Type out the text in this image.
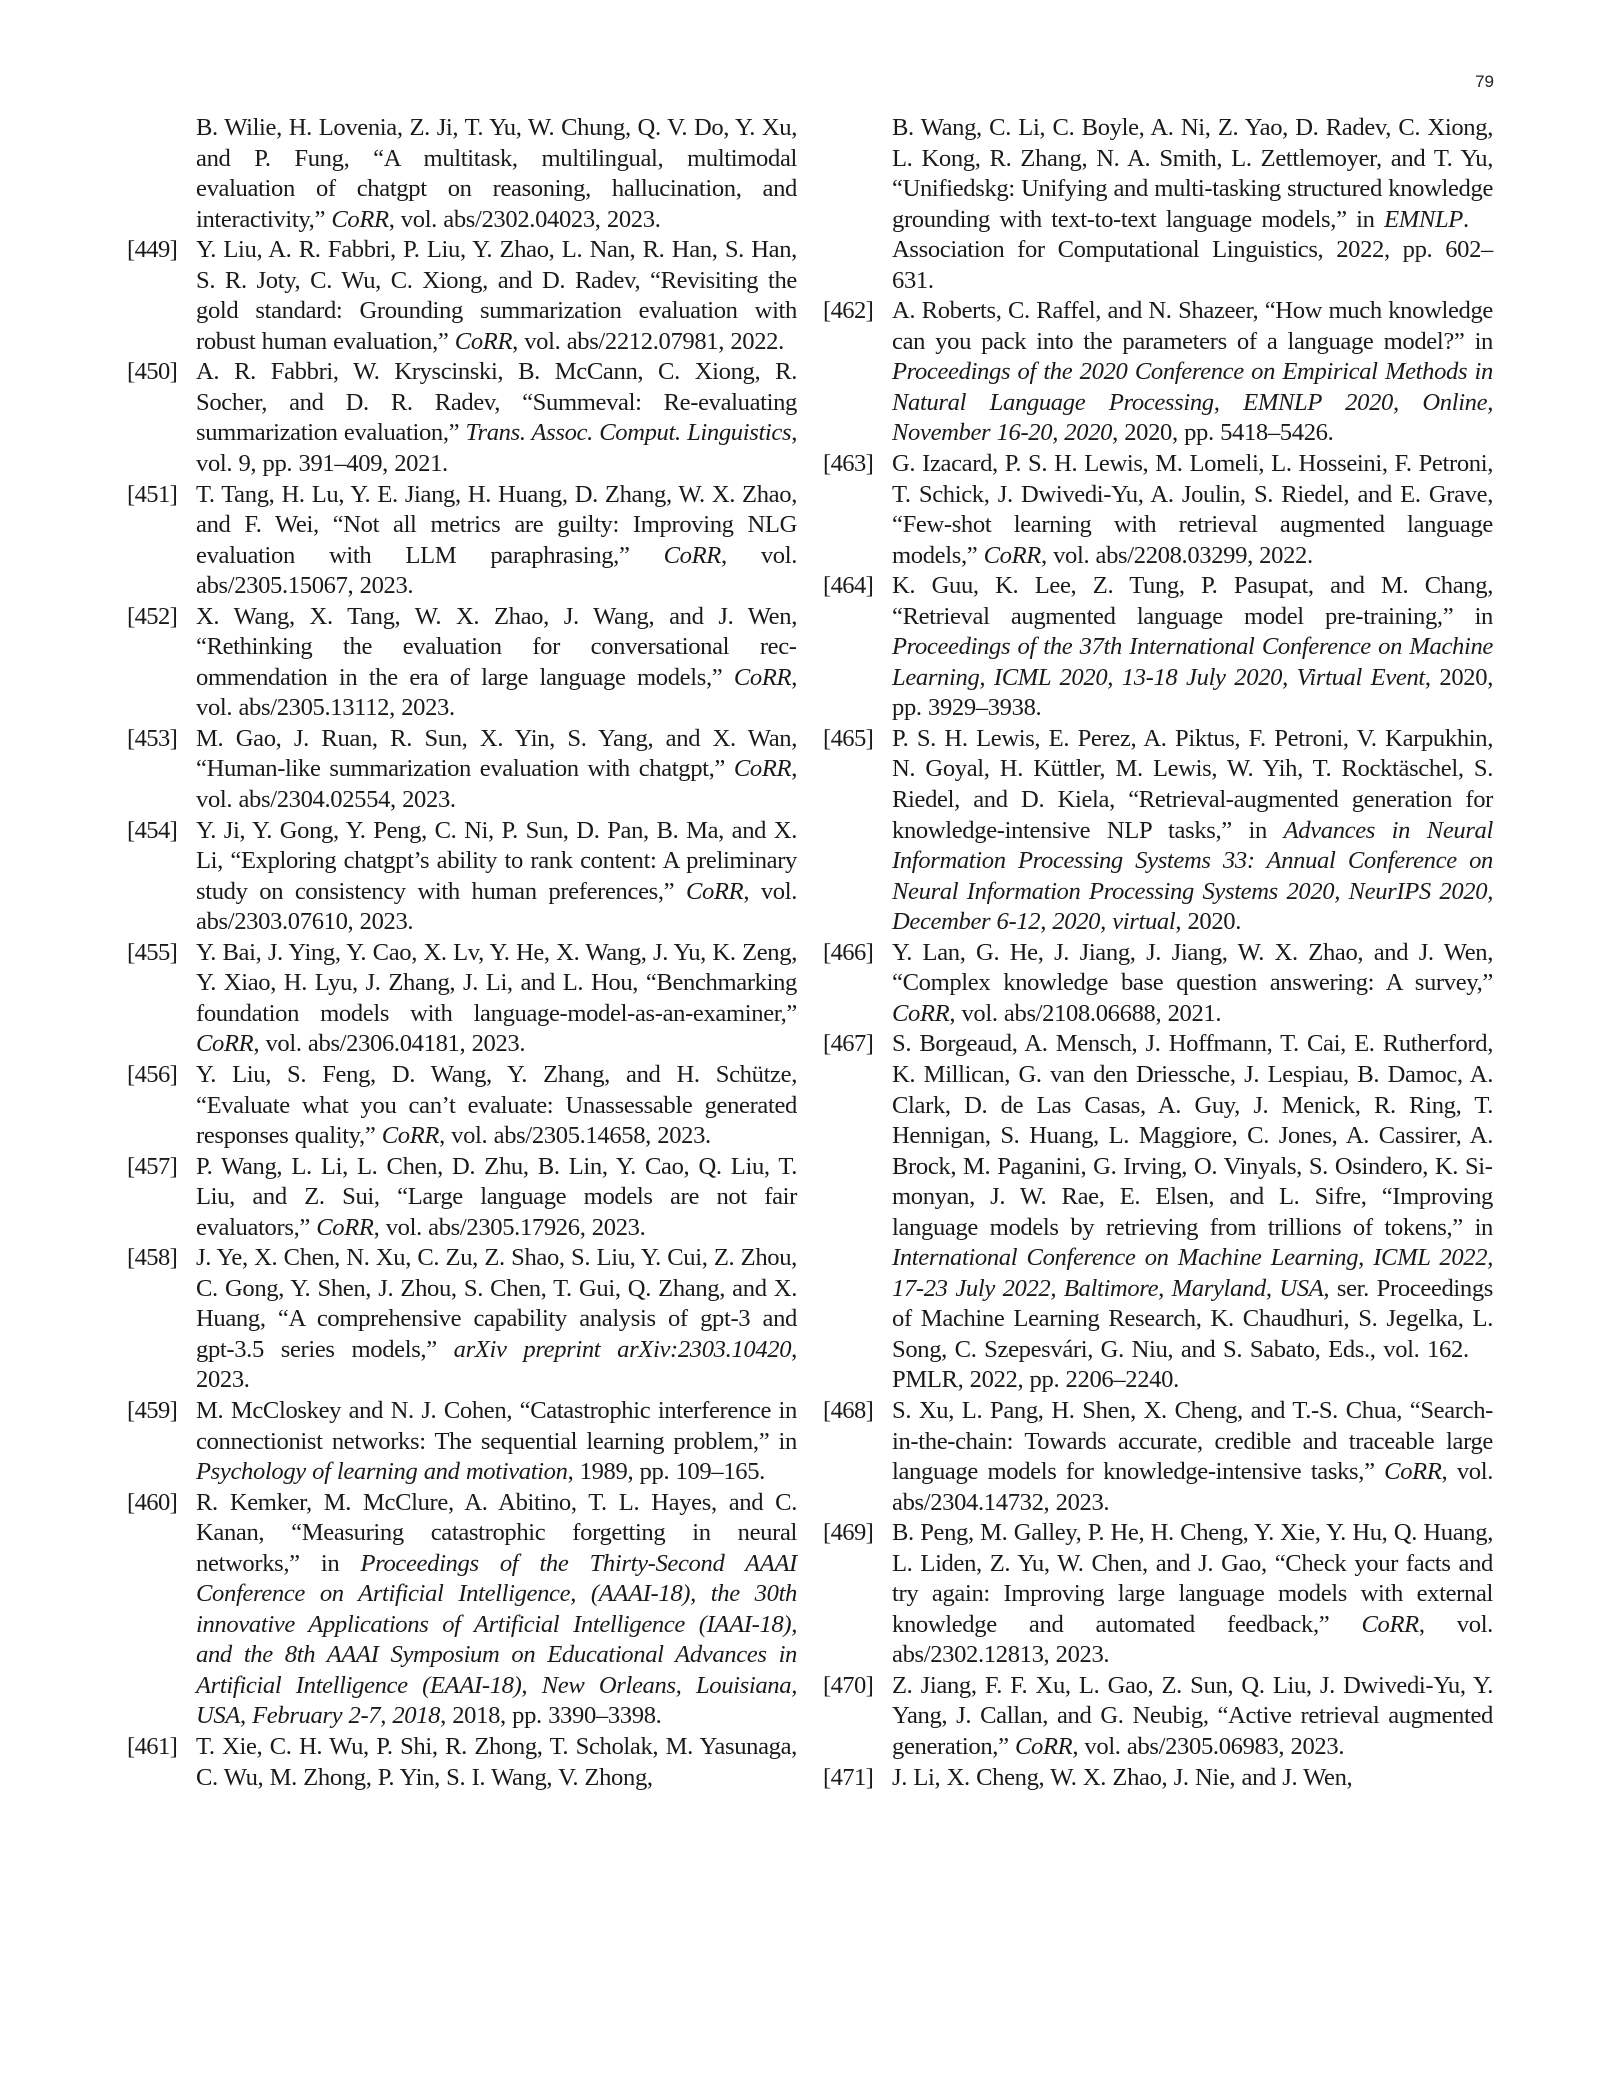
79
B. Wilie, H. Lovenia, Z. Ji, T. Yu, W. Chung, Q. V. Do, Y. Xu, and P. Fung, “A multitask, multilingual, multimodal evaluation of chatgpt on reasoning, hallucination, and interactivity,” CoRR, vol. abs/2302.04023, 2023.
[449] Y. Liu, A. R. Fabbri, P. Liu, Y. Zhao, L. Nan, R. Han, S. Han, S. R. Joty, C. Wu, C. Xiong, and D. Radev, “Revisiting the gold standard: Grounding summarization evaluation with robust human evaluation,” CoRR, vol. abs/2212.07981, 2022.
[450] A. R. Fabbri, W. Kryscinski, B. McCann, C. Xiong, R. Socher, and D. R. Radev, “Summeval: Re-evaluating summarization evaluation,” Trans. Assoc. Comput. Linguistics, vol. 9, pp. 391–409, 2021.
[451] T. Tang, H. Lu, Y. E. Jiang, H. Huang, D. Zhang, W. X. Zhao, and F. Wei, “Not all metrics are guilty: Improving NLG evaluation with LLM paraphrasing,” CoRR, vol. abs/2305.15067, 2023.
[452] X. Wang, X. Tang, W. X. Zhao, J. Wang, and J. Wen, “Rethinking the evaluation for conversational recommendation in the era of large language models,” CoRR, vol. abs/2305.13112, 2023.
[453] M. Gao, J. Ruan, R. Sun, X. Yin, S. Yang, and X. Wan, “Human-like summarization evaluation with chatgpt,” CoRR, vol. abs/2304.02554, 2023.
[454] Y. Ji, Y. Gong, Y. Peng, C. Ni, P. Sun, D. Pan, B. Ma, and X. Li, “Exploring chatgpt’s ability to rank content: A preliminary study on consistency with human preferences,” CoRR, vol. abs/2303.07610, 2023.
[455] Y. Bai, J. Ying, Y. Cao, X. Lv, Y. He, X. Wang, J. Yu, K. Zeng, Y. Xiao, H. Lyu, J. Zhang, J. Li, and L. Hou, “Benchmarking foundation models with language-model-as-an-examiner,” CoRR, vol. abs/2306.04181, 2023.
[456] Y. Liu, S. Feng, D. Wang, Y. Zhang, and H. Schütze, “Evaluate what you can’t evaluate: Unassessable generated responses quality,” CoRR, vol. abs/2305.14658, 2023.
[457] P. Wang, L. Li, L. Chen, D. Zhu, B. Lin, Y. Cao, Q. Liu, T. Liu, and Z. Sui, “Large language models are not fair evaluators,” CoRR, vol. abs/2305.17926, 2023.
[458] J. Ye, X. Chen, N. Xu, C. Zu, Z. Shao, S. Liu, Y. Cui, Z. Zhou, C. Gong, Y. Shen, J. Zhou, S. Chen, T. Gui, Q. Zhang, and X. Huang, “A comprehensive capability analysis of gpt-3 and gpt-3.5 series models,” arXiv preprint arXiv:2303.10420, 2023.
[459] M. McCloskey and N. J. Cohen, “Catastrophic interference in connectionist networks: The sequential learning problem,” in Psychology of learning and motivation, 1989, pp. 109–165.
[460] R. Kemker, M. McClure, A. Abitino, T. L. Hayes, and C. Kanan, “Measuring catastrophic forgetting in neural networks,” in Proceedings of the Thirty-Second AAAI Conference on Artificial Intelligence, (AAAI-18), the 30th innovative Applications of Artificial Intelligence (IAAI-18), and the 8th AAAI Symposium on Educational Advances in Artificial Intelligence (EAAI-18), New Orleans, Louisiana, USA, February 2-7, 2018, 2018, pp. 3390–3398.
[461] T. Xie, C. H. Wu, P. Shi, R. Zhong, T. Scholak, M. Yasunaga, C. Wu, M. Zhong, P. Yin, S. I. Wang, V. Zhong,
B. Wang, C. Li, C. Boyle, A. Ni, Z. Yao, D. Radev, C. Xiong, L. Kong, R. Zhang, N. A. Smith, L. Zettlemoyer, and T. Yu, “Unifiedskg: Unifying and multi-tasking structured knowledge grounding with text-to-text language models,” in EMNLP. Association for Computational Linguistics, 2022, pp. 602–631.
[462] A. Roberts, C. Raffel, and N. Shazeer, “How much knowledge can you pack into the parameters of a language model?” in Proceedings of the 2020 Conference on Empirical Methods in Natural Language Processing, EMNLP 2020, Online, November 16-20, 2020, 2020, pp. 5418–5426.
[463] G. Izacard, P. S. H. Lewis, M. Lomeli, L. Hosseini, F. Petroni, T. Schick, J. Dwivedi-Yu, A. Joulin, S. Riedel, and E. Grave, “Few-shot learning with retrieval augmented language models,” CoRR, vol. abs/2208.03299, 2022.
[464] K. Guu, K. Lee, Z. Tung, P. Pasupat, and M. Chang, “Retrieval augmented language model pre-training,” in Proceedings of the 37th International Conference on Machine Learning, ICML 2020, 13-18 July 2020, Virtual Event, 2020, pp. 3929–3938.
[465] P. S. H. Lewis, E. Perez, A. Piktus, F. Petroni, V. Karpukhin, N. Goyal, H. Küttler, M. Lewis, W. Yih, T. Rocktäschel, S. Riedel, and D. Kiela, “Retrieval-augmented generation for knowledge-intensive NLP tasks,” in Advances in Neural Information Processing Systems 33: Annual Conference on Neural Information Processing Systems 2020, NeurIPS 2020, December 6-12, 2020, virtual, 2020.
[466] Y. Lan, G. He, J. Jiang, J. Jiang, W. X. Zhao, and J. Wen, “Complex knowledge base question answering: A survey,” CoRR, vol. abs/2108.06688, 2021.
[467] S. Borgeaud, A. Mensch, J. Hoffmann, T. Cai, E. Rutherford, K. Millican, G. van den Driessche, J. Lespiau, B. Damoc, A. Clark, D. de Las Casas, A. Guy, J. Menick, R. Ring, T. Hennigan, S. Huang, L. Maggiore, C. Jones, A. Cassirer, A. Brock, M. Paganini, G. Irving, O. Vinyals, S. Osindero, K. Simonyan, J. W. Rae, E. Elsen, and L. Sifre, “Improving language models by retrieving from trillions of tokens,” in International Conference on Machine Learning, ICML 2022, 17-23 July 2022, Baltimore, Maryland, USA, ser. Proceedings of Machine Learning Research, K. Chaudhuri, S. Jegelka, L. Song, C. Szepesvári, G. Niu, and S. Sabato, Eds., vol. 162. PMLR, 2022, pp. 2206–2240.
[468] S. Xu, L. Pang, H. Shen, X. Cheng, and T.-S. Chua, “Search-in-the-chain: Towards accurate, credible and traceable large language models for knowledge-intensive tasks,” CoRR, vol. abs/2304.14732, 2023.
[469] B. Peng, M. Galley, P. He, H. Cheng, Y. Xie, Y. Hu, Q. Huang, L. Liden, Z. Yu, W. Chen, and J. Gao, “Check your facts and try again: Improving large language models with external knowledge and automated feedback,” CoRR, vol. abs/2302.12813, 2023.
[470] Z. Jiang, F. F. Xu, L. Gao, Z. Sun, Q. Liu, J. Dwivedi-Yu, Y. Yang, J. Callan, and G. Neubig, “Active retrieval augmented generation,” CoRR, vol. abs/2305.06983, 2023.
[471] J. Li, X. Cheng, W. X. Zhao, J. Nie, and J. Wen,
